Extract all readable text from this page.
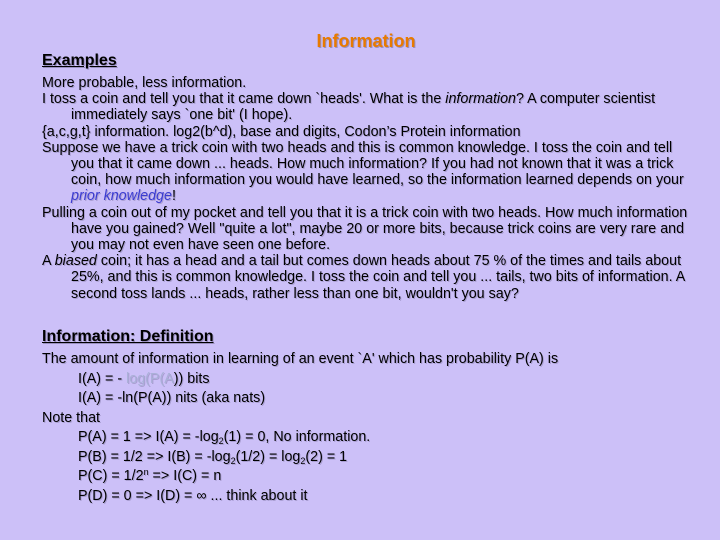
Information
Examples

More probable, less information.

I toss a coin and tell you that it came down `heads'. What is the information? A computer scientist immediately says `one bit' (I hope).

{a,c,g,t} information. log2(b^d), base and digits, Codon’s Protein information

Suppose we have a trick coin with two heads and this is common knowledge. I toss the coin and tell you that it came down ... heads. How much information? If you had not known that it was a trick coin, how much information you would have learned, so the information learned depends on your prior knowledge!

Pulling a coin out of my pocket and tell you that it is a trick coin with two heads. How much information have you gained? Well "quite a lot", maybe 20 or more bits, because trick coins are very rare and you may not even have seen one before.

A biased coin; it has a head and a tail but comes down heads about 75 % of the times and tails about 25%, and this is common knowledge. I toss the coin and tell you ... tails, two bits of information. A second toss lands ... heads, rather less than one bit, wouldn't you say?

Information: Definition
The amount of information in learning of an event `A' which has probability P(A) is
I(A) = - log(P(A)) bits
I(A) = -ln(P(A)) nits (aka nats)
Note that
$P(A) = 1 => I(A) = -\log_2(1) = 0$, No information.
$P(B) = 1/2 => I(B) = -\log_2(1/2) = \log_2(2) = 1$
$P(C) = 1/2^n => I(C) = n$
P(D) = 0 => I(D) = ∞ ... think about it
